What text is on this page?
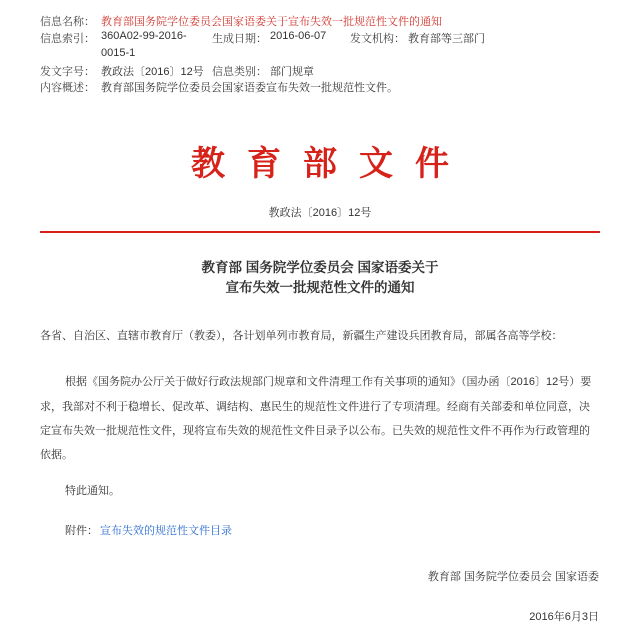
信息名称： 教育部国务院学位委员会国家语委关于宣布失效一批规范性文件的通知
信息索引： 360A02-99-2016-
0015-1
生成日期： 2016-06-07 发文机构： 教育部等三部门
发文字号： 教政法〔2016〕12号 信息类别： 部门规章
内容概述： 教育部国务院学位委员会国家语委宣布失效一批规范性文件。
教育部文件
教政法〔2016〕12号
教育部 国务院学位委员会 国家语委关于
宣布失效一批规范性文件的通知
各省、自治区、直辖市教育厅（教委），各计划单列市教育局，新疆生产建设兵团教育局，部属各高等学校：
根据《国务院办公厅关于做好行政法规部门规章和文件清理工作有关事项的通知》（国办函〔2016〕12号）要
求，我部对不利于稳增长、促改革、调结构、惠民生的规范性文件进行了专项清理。经商有关部委和单位同意，决
定宣布失效一批规范性文件，现将宣布失效的规范性文件目录予以公布。已失效的规范性文件不再作为行政管理的
依据。
特此通知。
附件： 宣布失效的规范性文件目录
教育部 国务院学位委员会 国家语委
2016年6月3日
